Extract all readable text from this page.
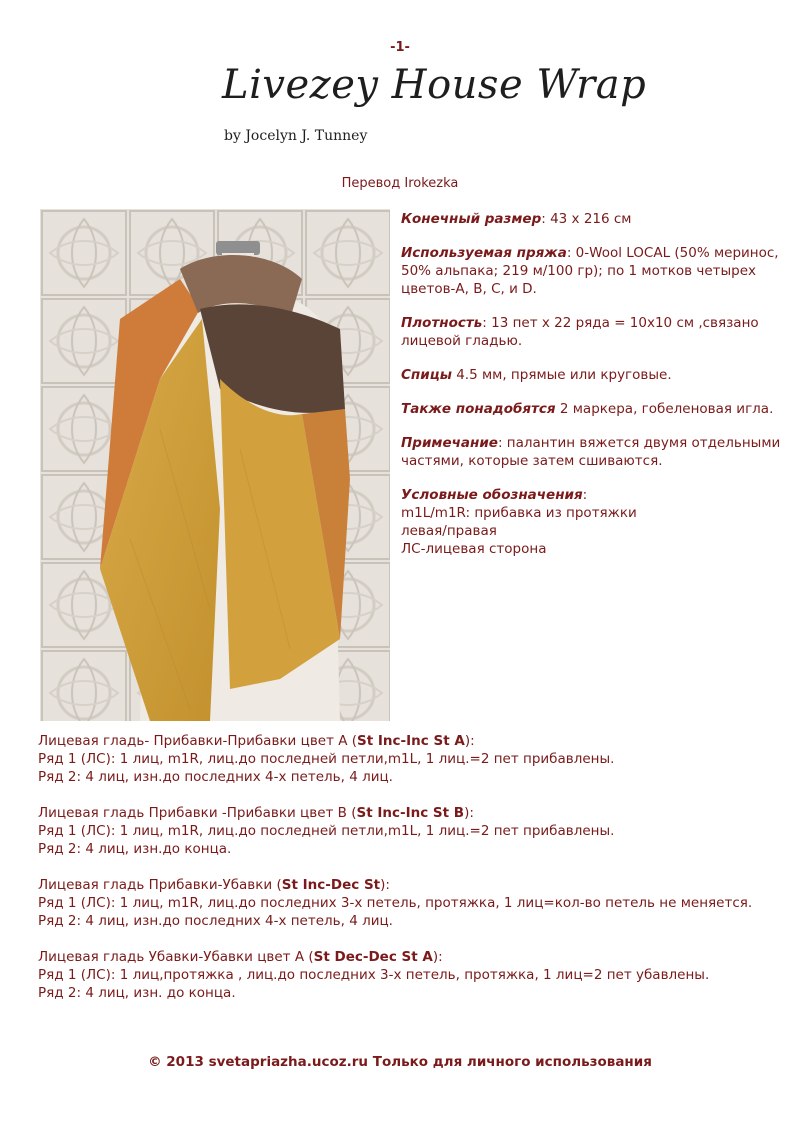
-1-
Livezey House Wrap
by Jocelyn J. Tunney
Перевод Irokezka

Конечный размер: 43 x 216 см

Используемая пряжа: 0-Wool LOCAL (50% меринос, 50% альпака; 219 м/100 гр); по 1 мотков четырех цветов-A, B, C, и D.

Плотность: 13 пет x 22 ряда = 10x10 см ,связано лицевой гладью.

Спицы 4.5 мм, прямые или круговые.

Также понадобятся 2 маркера, гобеленовая игла.

Примечание: палантин вяжется двумя отдельными частями, которые затем сшиваются.

Условные обозначения:
m1L/m1R: прибавка из протяжки
левая/правая
ЛС-лицевая сторона

Лицевая гладь- Прибавки-Прибавки цвет А (St Inc-Inc St A):
Ряд 1 (ЛС): 1 лиц, m1R, лиц.до последней петли,m1L, 1 лиц.=2 пет прибавлены.
Ряд 2: 4 лиц, изн.до последних 4-х петель, 4 лиц.
Лицевая гладь Прибавки -Прибавки цвет В (St Inc-Inc St B):
Ряд 1 (ЛС): 1 лиц, m1R, лиц.до последней петли,m1L, 1 лиц.=2 пет прибавлены.
Ряд 2: 4 лиц, изн.до конца.
Лицевая гладь Прибавки-Убавки (St Inc-Dec St):
Ряд 1 (ЛС): 1 лиц, m1R, лиц.до последних 3-х петель, протяжка, 1 лиц=кол-во петель не меняется.
Ряд 2: 4 лиц, изн.до последних 4-х петель, 4 лиц.
Лицевая гладь Убавки-Убавки цвет А (St Dec-Dec St A):
Ряд 1 (ЛС): 1 лиц,протяжка , лиц.до последних 3-х петель, протяжка, 1 лиц=2 пет убавлены.
Ряд 2: 4 лиц, изн. до конца.
© 2013 svetapriazha.ucoz.ru Только для личного использования
